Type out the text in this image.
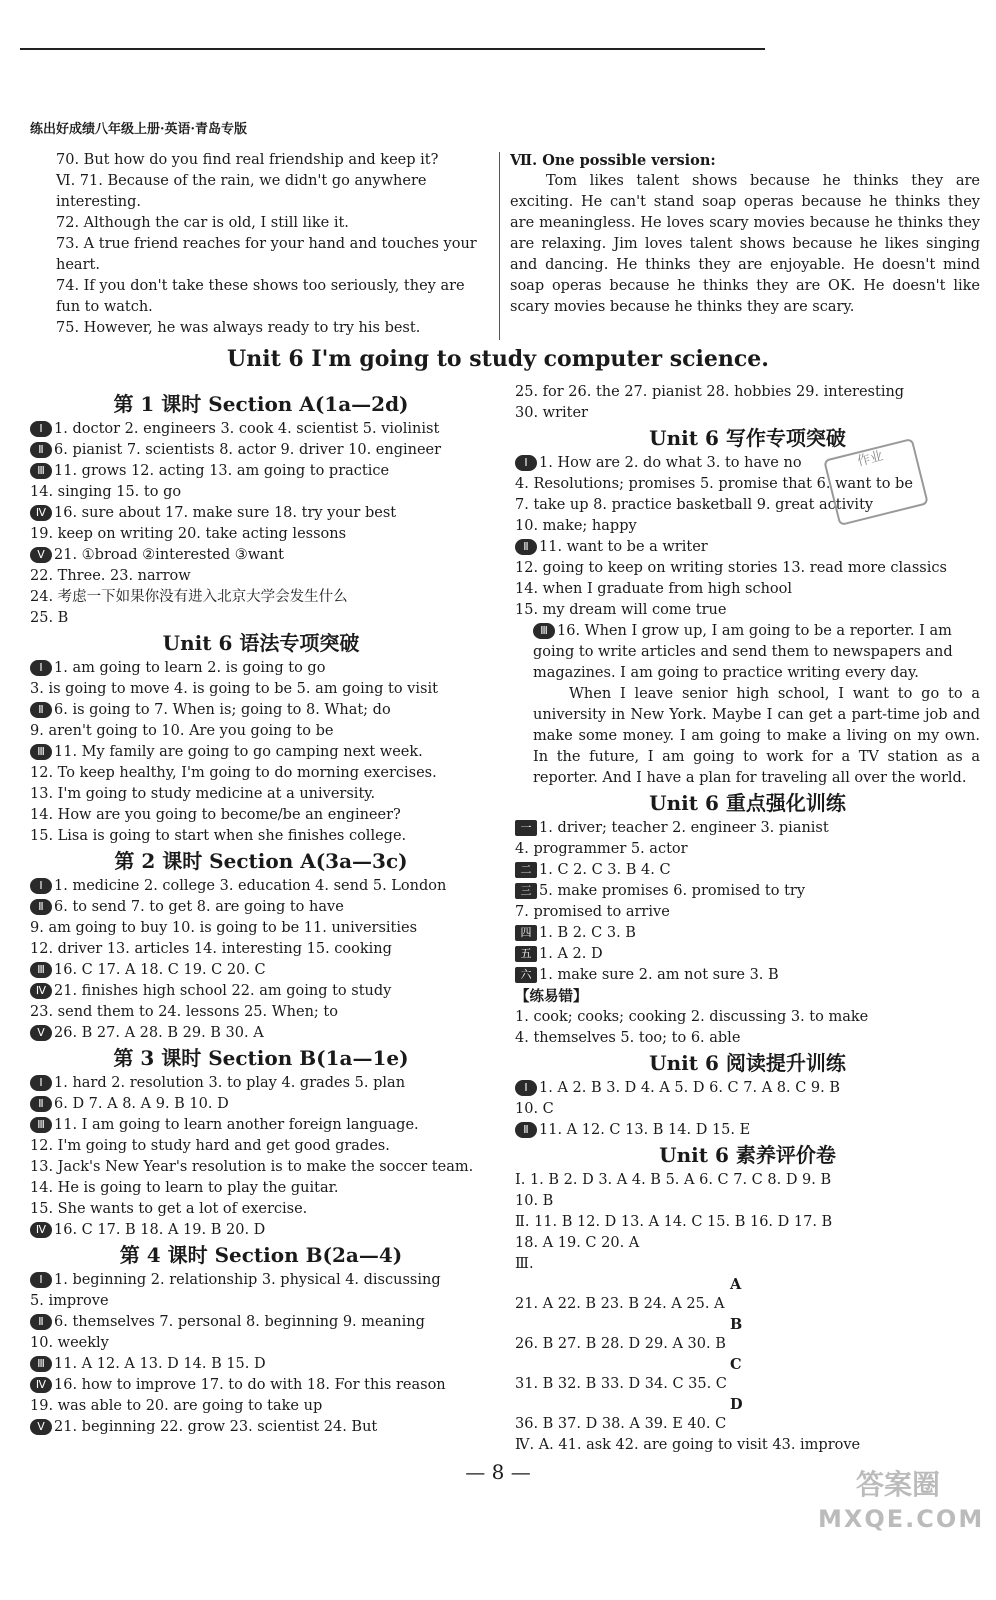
练出好成绩八年级上册·英语·青岛专版
70. But how do you find real friendship and keep it?
Ⅵ. 71. Because of the rain, we didn't go anywhere interesting.
72. Although the car is old, I still like it.
73. A true friend reaches for your hand and touches your heart.
74. If you don't take these shows too seriously, they are fun to watch.
75. However, he was always ready to try his best.
Ⅶ. One possible version:
Tom likes talent shows because he thinks they are exciting. He can't stand soap operas because he thinks they are meaningless. He loves scary movies because he thinks they are relaxing. Jim loves talent shows because he likes singing and dancing. He thinks they are enjoyable. He doesn't mind soap operas because he thinks they are OK. He doesn't like scary movies because he thinks they are scary.
Unit 6 I'm going to study computer science.
第 1 课时 Section A(1a—2d)
Ⅰ 1. doctor 2. engineers 3. cook 4. scientist 5. violinist
Ⅱ 6. pianist 7. scientists 8. actor 9. driver 10. engineer
Ⅲ 11. grows 12. acting 13. am going to practice
14. singing 15. to go
Ⅳ 16. sure about 17. make sure 18. try your best
19. keep on writing 20. take acting lessons
Ⅴ 21. ①broad ②interested ③want
22. Three. 23. narrow
24. 考虑一下如果你没有进入北京大学会发生什么
25. B
Unit 6 语法专项突破
Ⅰ 1. am going to learn 2. is going to go
3. is going to move 4. is going to be 5. am going to visit
Ⅱ 6. is going to 7. When is; going to 8. What; do
9. aren't going to 10. Are you going to be
Ⅲ 11. My family are going to go camping next week.
12. To keep healthy, I'm going to do morning exercises.
13. I'm going to study medicine at a university.
14. How are you going to become/be an engineer?
15. Lisa is going to start when she finishes college.
第 2 课时 Section A(3a—3c)
Ⅰ 1. medicine 2. college 3. education 4. send 5. London
Ⅱ 6. to send 7. to get 8. are going to have
9. am going to buy 10. is going to be 11. universities
12. driver 13. articles 14. interesting 15. cooking
Ⅲ 16. C 17. A 18. C 19. C 20. C
Ⅳ 21. finishes high school 22. am going to study
23. send them to 24. lessons 25. When; to
Ⅴ 26. B 27. A 28. B 29. B 30. A
第 3 课时 Section B(1a—1e)
Ⅰ 1. hard 2. resolution 3. to play 4. grades 5. plan
Ⅱ 6. D 7. A 8. A 9. B 10. D
Ⅲ 11. I am going to learn another foreign language.
12. I'm going to study hard and get good grades.
13. Jack's New Year's resolution is to make the soccer team.
14. He is going to learn to play the guitar.
15. She wants to get a lot of exercise.
Ⅳ 16. C 17. B 18. A 19. B 20. D
第 4 课时 Section B(2a—4)
Ⅰ 1. beginning 2. relationship 3. physical 4. discussing
5. improve
Ⅱ 6. themselves 7. personal 8. beginning 9. meaning
10. weekly
Ⅲ 11. A 12. A 13. D 14. B 15. D
Ⅳ 16. how to improve 17. to do with 18. For this reason
19. was able to 20. are going to take up
Ⅴ 21. beginning 22. grow 23. scientist 24. But
25. for 26. the 27. pianist 28. hobbies 29. interesting
30. writer
Unit 6 写作专项突破
Ⅰ 1. How are 2. do what 3. to have no
4. Resolutions; promises 5. promise that 6. want to be
7. take up 8. practice basketball 9. great activity
10. make; happy
Ⅱ 11. want to be a writer
12. going to keep on writing stories 13. read more classics
14. when I graduate from high school
15. my dream will come true
Ⅲ 16. When I grow up, I am going to be a reporter. I am going to write articles and send them to newspapers and magazines. I am going to practice writing every day.
When I leave senior high school, I want to go to a university in New York. Maybe I can get a part-time job and make some money. I am going to make a living on my own. In the future, I am going to work for a TV station as a reporter. And I have a plan for traveling all over the world.
Unit 6 重点强化训练
一 1. driver; teacher 2. engineer 3. pianist
4. programmer 5. actor
二 1. C 2. C 3. B 4. C
三 5. make promises 6. promised to try
7. promised to arrive
四 1. B 2. C 3. B
五 1. A 2. D
六 1. make sure 2. am not sure 3. B
【练易错】
1. cook; cooks; cooking 2. discussing 3. to make
4. themselves 5. too; to 6. able
Unit 6 阅读提升训练
Ⅰ 1. A 2. B 3. D 4. A 5. D 6. C 7. A 8. C 9. B
10. C
Ⅱ 11. A 12. C 13. B 14. D 15. E
Unit 6 素养评价卷
Ⅰ. 1. B 2. D 3. A 4. B 5. A 6. C 7. C 8. D 9. B
10. B
Ⅱ. 11. B 12. D 13. A 14. C 15. B 16. D 17. B
18. A 19. C 20. A
Ⅲ.
A
21. A 22. B 23. B 24. A 25. A
B
26. B 27. B 28. D 29. A 30. B
C
31. B 32. B 33. D 34. C 35. C
D
36. B 37. D 38. A 39. E 40. C
Ⅳ. A. 41. ask 42. are going to visit 43. improve
作业
— 8 —	答案圈
MXQE.COM
